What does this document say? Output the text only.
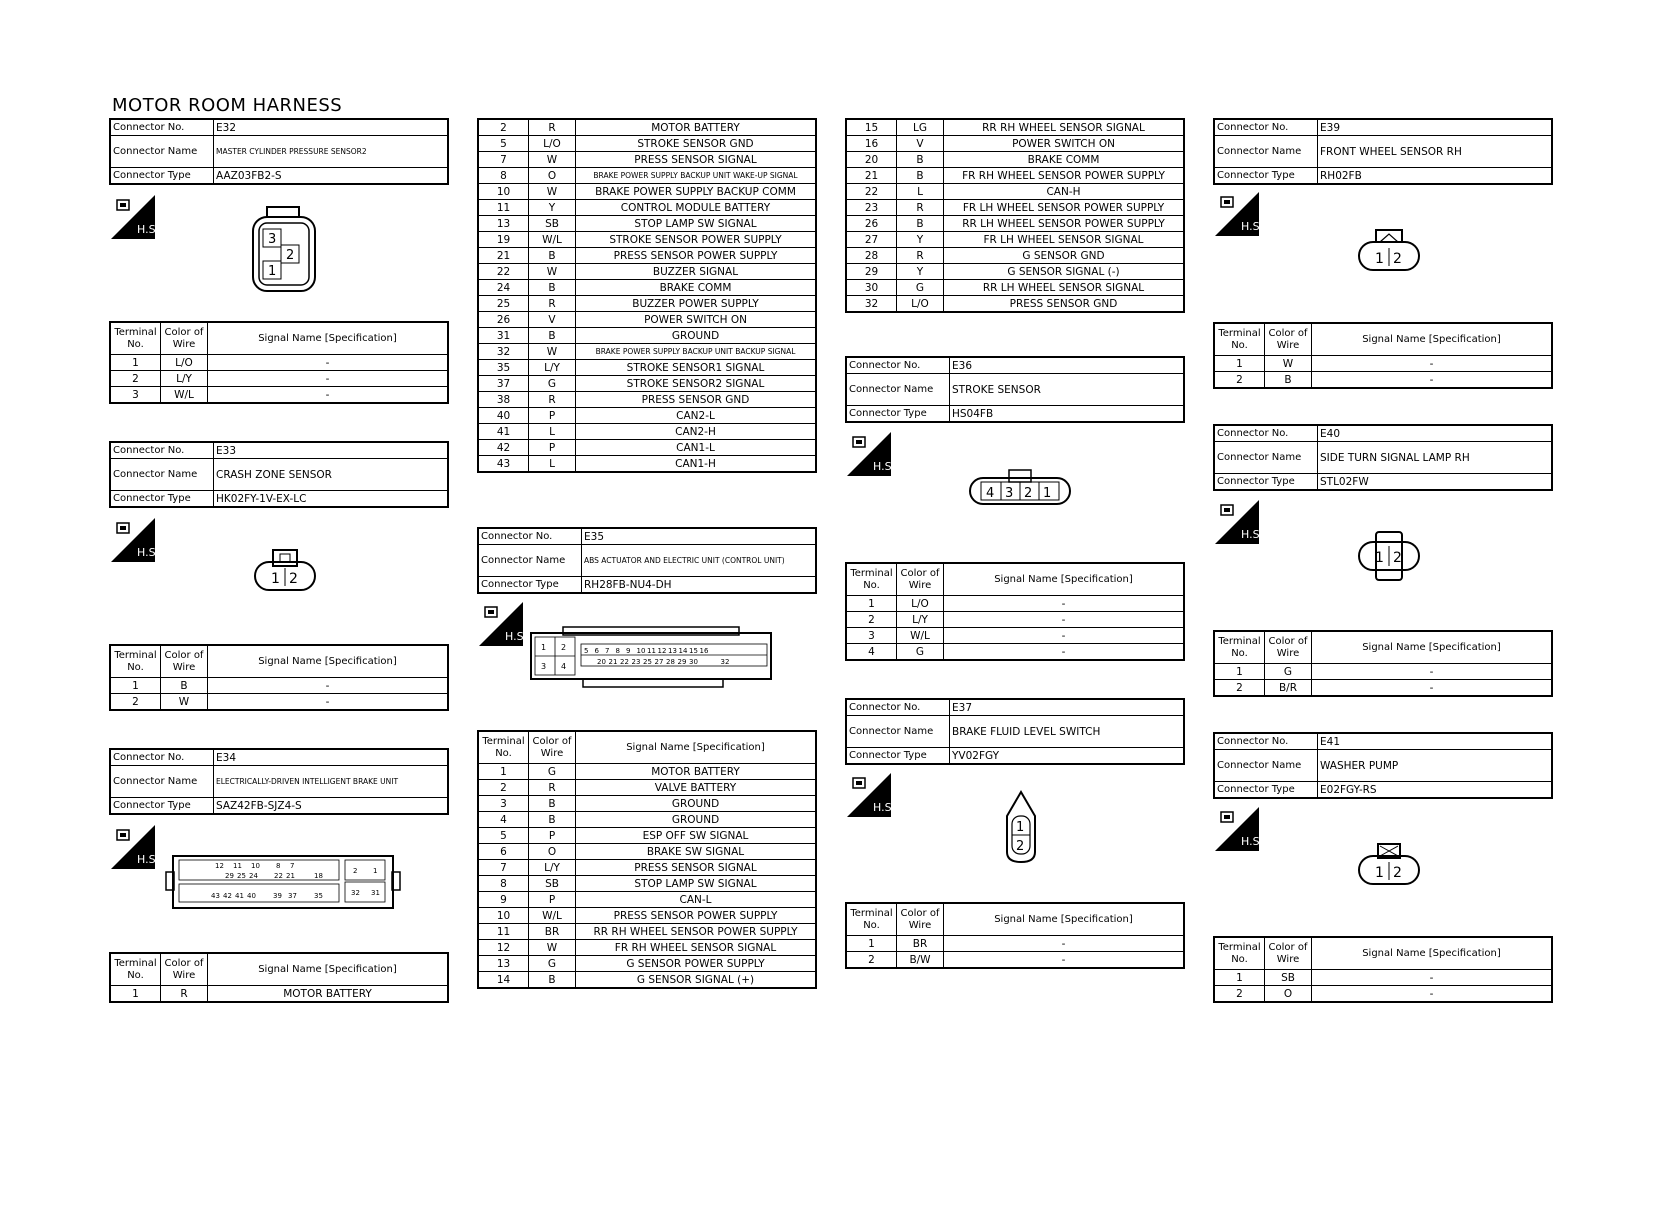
MOTOR ROOM HARNESS
Connector No.	E32
Connector Name	MASTER CYLINDER PRESSURE SENSOR2
Connector Type	AAZ03FB2-S
H.S.
3
2
1
Terminal No.	Color of Wire	Signal Name [Specification]
1	L/O	-
2	L/Y	-
3	W/L	-
Connector No.	E33
Connector Name	CRASH ZONE SENSOR
Connector Type	HK02FY-1V-EX-LC
H.S.
1 2
Terminal No.	Color of Wire	Signal Name [Specification]
1	B	-
2	W	-
Connector No.	E34
Connector Name	ELECTRICALLY-DRIVEN INTELLIGENT BRAKE UNIT
Connector Type	SAZ42FB-SJZ4-S
H.S.	12 11 10 8 7
2 1
29 25 24 22 21	18
43 42 41 40 39 37 35	32 31
Terminal No.	Color of Wire	Signal Name [Specification]
1	R	MOTOR BATTERY
2	R	MOTOR BATTERY
5	L/O	STROKE SENSOR GND
7	W	PRESS SENSOR SIGNAL
8	O	BRAKE POWER SUPPLY BACKUP UNIT WAKE-UP SIGNAL
10	W	BRAKE POWER SUPPLY BACKUP COMM
11	Y	CONTROL MODULE BATTERY
13	SB	STOP LAMP SW SIGNAL
19	W/L	STROKE SENSOR POWER SUPPLY
21	B	PRESS SENSOR POWER SUPPLY
22	W	BUZZER SIGNAL
24	B	BRAKE COMM
25	R	BUZZER POWER SUPPLY
26	V	POWER SWITCH ON
31	B	GROUND
32	W	BRAKE POWER SUPPLY BACKUP UNIT BACKUP SIGNAL
35	L/Y	STROKE SENSOR1 SIGNAL
37	G	STROKE SENSOR2 SIGNAL
38	R	PRESS SENSOR GND
40	P	CAN2-L
41	L	CAN2-H
42	P	CAN1-L
43	L	CAN1-H
Connector No.	E35
Connector Name	ABS ACTUATOR AND ELECTRIC UNIT (CONTROL UNIT)
Connector Type	RH28FB-NU4-DH
H.S.
1 2
3 4
5 6 7 8 9 10 11 12 13 14 15 16
20 21 22 23 25 27 28 29 30	32
Terminal No.	Color of Wire	Signal Name [Specification]
1	G	MOTOR BATTERY
2	R	VALVE BATTERY
3	B	GROUND
4	B	GROUND
5	P	ESP OFF SW SIGNAL
6	O	BRAKE SW SIGNAL
7	L/Y	PRESS SENSOR SIGNAL
8	SB	STOP LAMP SW SIGNAL
9	P	CAN-L
10	W/L	PRESS SENSOR POWER SUPPLY
11	BR	RR RH WHEEL SENSOR POWER SUPPLY
12	W	FR RH WHEEL SENSOR SIGNAL
13	G	G SENSOR POWER SUPPLY
14	B	G SENSOR SIGNAL (+)
15	LG	RR RH WHEEL SENSOR SIGNAL
16	V	POWER SWITCH ON
20	B	BRAKE COMM
21	B	FR RH WHEEL SENSOR POWER SUPPLY
22	L	CAN-H
23	R	FR LH WHEEL SENSOR POWER SUPPLY
26	B	RR LH WHEEL SENSOR POWER SUPPLY
27	Y	FR LH WHEEL SENSOR SIGNAL
28	R	G SENSOR GND
29	Y	G SENSOR SIGNAL (-)
30	G	RR LH WHEEL SENSOR SIGNAL
32	L/O	PRESS SENSOR GND
Connector No.	E36
Connector Name	STROKE SENSOR
Connector Type	HS04FB
H.S.
4 3 2 1
Terminal No.	Color of Wire	Signal Name [Specification]
1	L/O	-
2	L/Y	-
3	W/L	-
4	G	-
Connector No.	E37
Connector Name	BRAKE FLUID LEVEL SWITCH
Connector Type	YV02FGY
H.S.
1
2
Terminal No.	Color of Wire	Signal Name [Specification]
1	BR	-
2	B/W	-
Connector No.	E39
Connector Name	FRONT WHEEL SENSOR RH
Connector Type	RH02FB
H.S.
1 2
Terminal No.	Color of Wire	Signal Name [Specification]
1	W	-
2	B	-
Connector No.	E40
Connector Name	SIDE TURN SIGNAL LAMP RH
Connector Type	STL02FW
H.S.
1 2
Terminal No.	Color of Wire	Signal Name [Specification]
1	G	-
2	B/R	-
Connector No.	E41
Connector Name	WASHER PUMP
Connector Type	E02FGY-RS
H.S.
1 2
Terminal No.	Color of Wire	Signal Name [Specification]
1	SB	-
2	O	-
